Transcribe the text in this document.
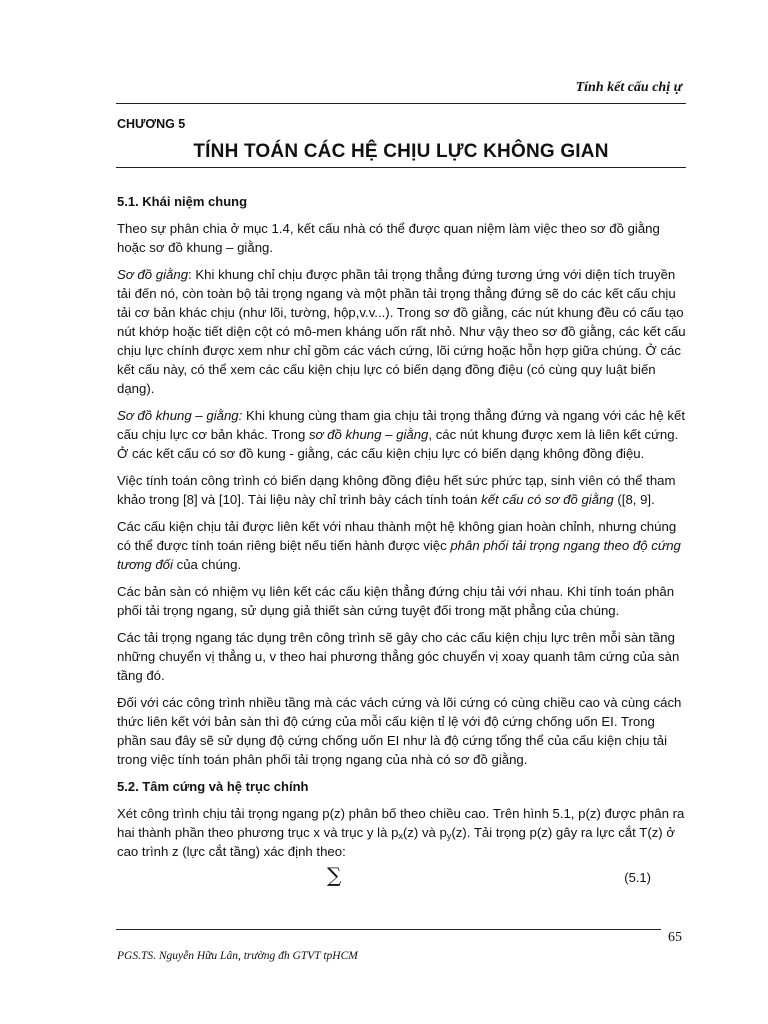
Tính kết cấu chị ự
CHƯƠNG 5
TÍNH TOÁN CÁC HỆ CHỊU LỰC KHÔNG GIAN
5.1. Khái niệm chung

Theo sự phân chia ở mục 1.4, kết cấu nhà có thể được quan niệm làm việc theo sơ đồ giằng hoặc sơ đồ khung – giằng.

Sơ đồ giằng: Khi khung chỉ chịu được phần tải trọng thẳng đứng tương ứng với diện tích truyền tải đến nó, còn toàn bộ tải trọng ngang và một phần tải trọng thẳng đứng sẽ do các kết cấu chịu tải cơ bản khác chịu (như lõi, tường, hộp,v.v...). Trong sơ đồ giằng, các nút khung đều có cấu tạo nút khớp hoặc tiết diện cột có mô-men kháng uốn rất nhỏ. Như vậy theo sơ đồ giằng, các kết cấu chịu lực chính được xem như chỉ gồm các vách cứng, lõi cứng hoặc hỗn hợp giữa chúng. Ở các kết cấu này, có thể xem các cấu kiện chịu lực có biến dạng đồng điệu (có cùng quy luật biến dạng).

Sơ đồ khung – giằng: Khi khung cùng tham gia chịu tải trọng thẳng đứng và ngang với các hệ kết cấu chịu lực cơ bản khác. Trong sơ đồ khung – giằng, các nút khung được xem là liên kết cứng. Ở các kết cấu có sơ đồ kung - giằng, các cấu kiện chịu lực có biến dạng không đồng điệu.

Việc tính toán công trình có biến dạng không đồng điệu hết sức phức tạp, sinh viên có thể tham khảo trong [8] và [10]. Tài liệu này chỉ trình bày cách tính toán kết cấu có sơ đồ giằng ([8, 9].

Các cấu kiện chịu tải được liên kết với nhau thành một hệ không gian hoàn chỉnh, nhưng chúng có thể được tính toán riêng biệt nếu tiến hành được việc phân phối tải trọng ngang theo độ cứng tương đối của chúng.

Các bản sàn có nhiệm vụ liên kết các cấu kiện thẳng đứng chịu tải với nhau. Khi tính toán phân phối tải trọng ngang, sử dụng giả thiết sàn cứng tuyệt đối trong mặt phẳng của chúng.

Các tải trọng ngang tác dụng trên công trình sẽ gây cho các cấu kiện chịu lực trên mỗi sàn tầng những chuyển vị thẳng u, v theo hai phương thẳng góc chuyển vị xoay quanh tâm cứng của sàn tầng đó.

Đối với các công trình nhiều tầng mà các vách cứng và lõi cứng có cùng chiều cao và cùng cách thức liên kết với bản sàn thì độ cứng của mỗi cấu kiện tỉ lệ với độ cứng chống uốn EI. Trong phần sau đây sẽ sử dụng độ cứng chống uốn EI như là độ cứng tổng thể của cấu kiện chịu tải trong việc tính toán phân phối tải trọng ngang của nhà có sơ đồ giằng.

5.2. Tâm cứng và hệ trục chính

Xét công trình chịu tải trọng ngang p(z) phân bố theo chiều cao. Trên hình 5.1, p(z) được phân ra hai thành phần theo phương trục x và trục y là $p_x(z)$ và $p_y(z)$. Tải trọng p(z) gây ra lực cắt T(z) ở cao trình z (lực cắt tầng) xác định theo:

∑	(5.1)
65
PGS.TS. Nguyễn Hữu Lân, trường đh GTVT tpHCM
